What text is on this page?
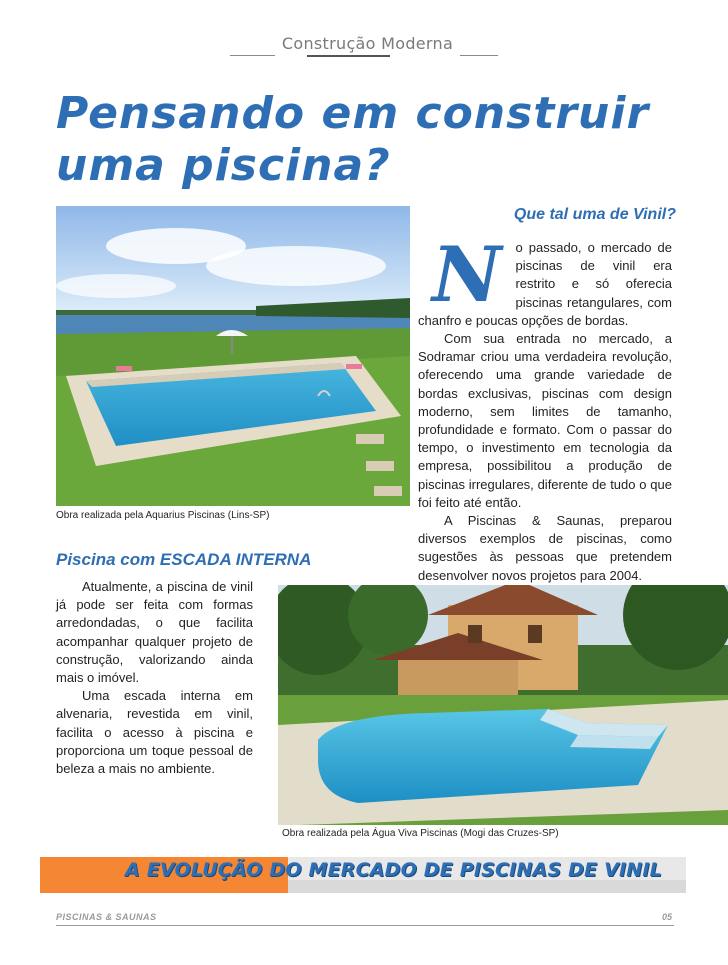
Construção Moderna
Pensando em construir
uma piscina?
Obra realizada pela Aquarius Piscinas (Lins-SP)
Que tal uma de Vinil?
N	o passado, o mercado de piscinas de vinil era restrito e só oferecia piscinas retangulares, com chanfro e poucas opções de bordas.

Com sua entrada no mercado, a Sodramar criou uma verdadeira revolução, oferecendo uma grande variedade de bordas exclusivas, piscinas com design moderno, sem limites de tamanho, profundidade e formato. Com o passar do tempo, o investimento em tecnologia da empresa, possibilitou a produção de piscinas irregulares, diferente de tudo o que foi feito até então.

A Piscinas & Saunas, preparou diversos exemplos de piscinas, como sugestões às pessoas que pretendem desenvolver novos projetos para 2004.

Piscina com ESCADA INTERNA

Atualmente, a piscina de vinil já pode ser feita com formas arredondadas, o que facilita acompanhar qualquer projeto de construção, valorizando ainda mais o imóvel.

Uma escada interna em alvenaria, revestida em vinil, facilita o acesso à piscina e proporciona um toque pessoal de beleza a mais no ambiente.

Obra realizada pela Água Viva Piscinas (Mogi das Cruzes-SP)
A EVOLUÇÃO DO MERCADO DE PISCINAS DE VINIL
PISCINAS & SAUNAS	05
